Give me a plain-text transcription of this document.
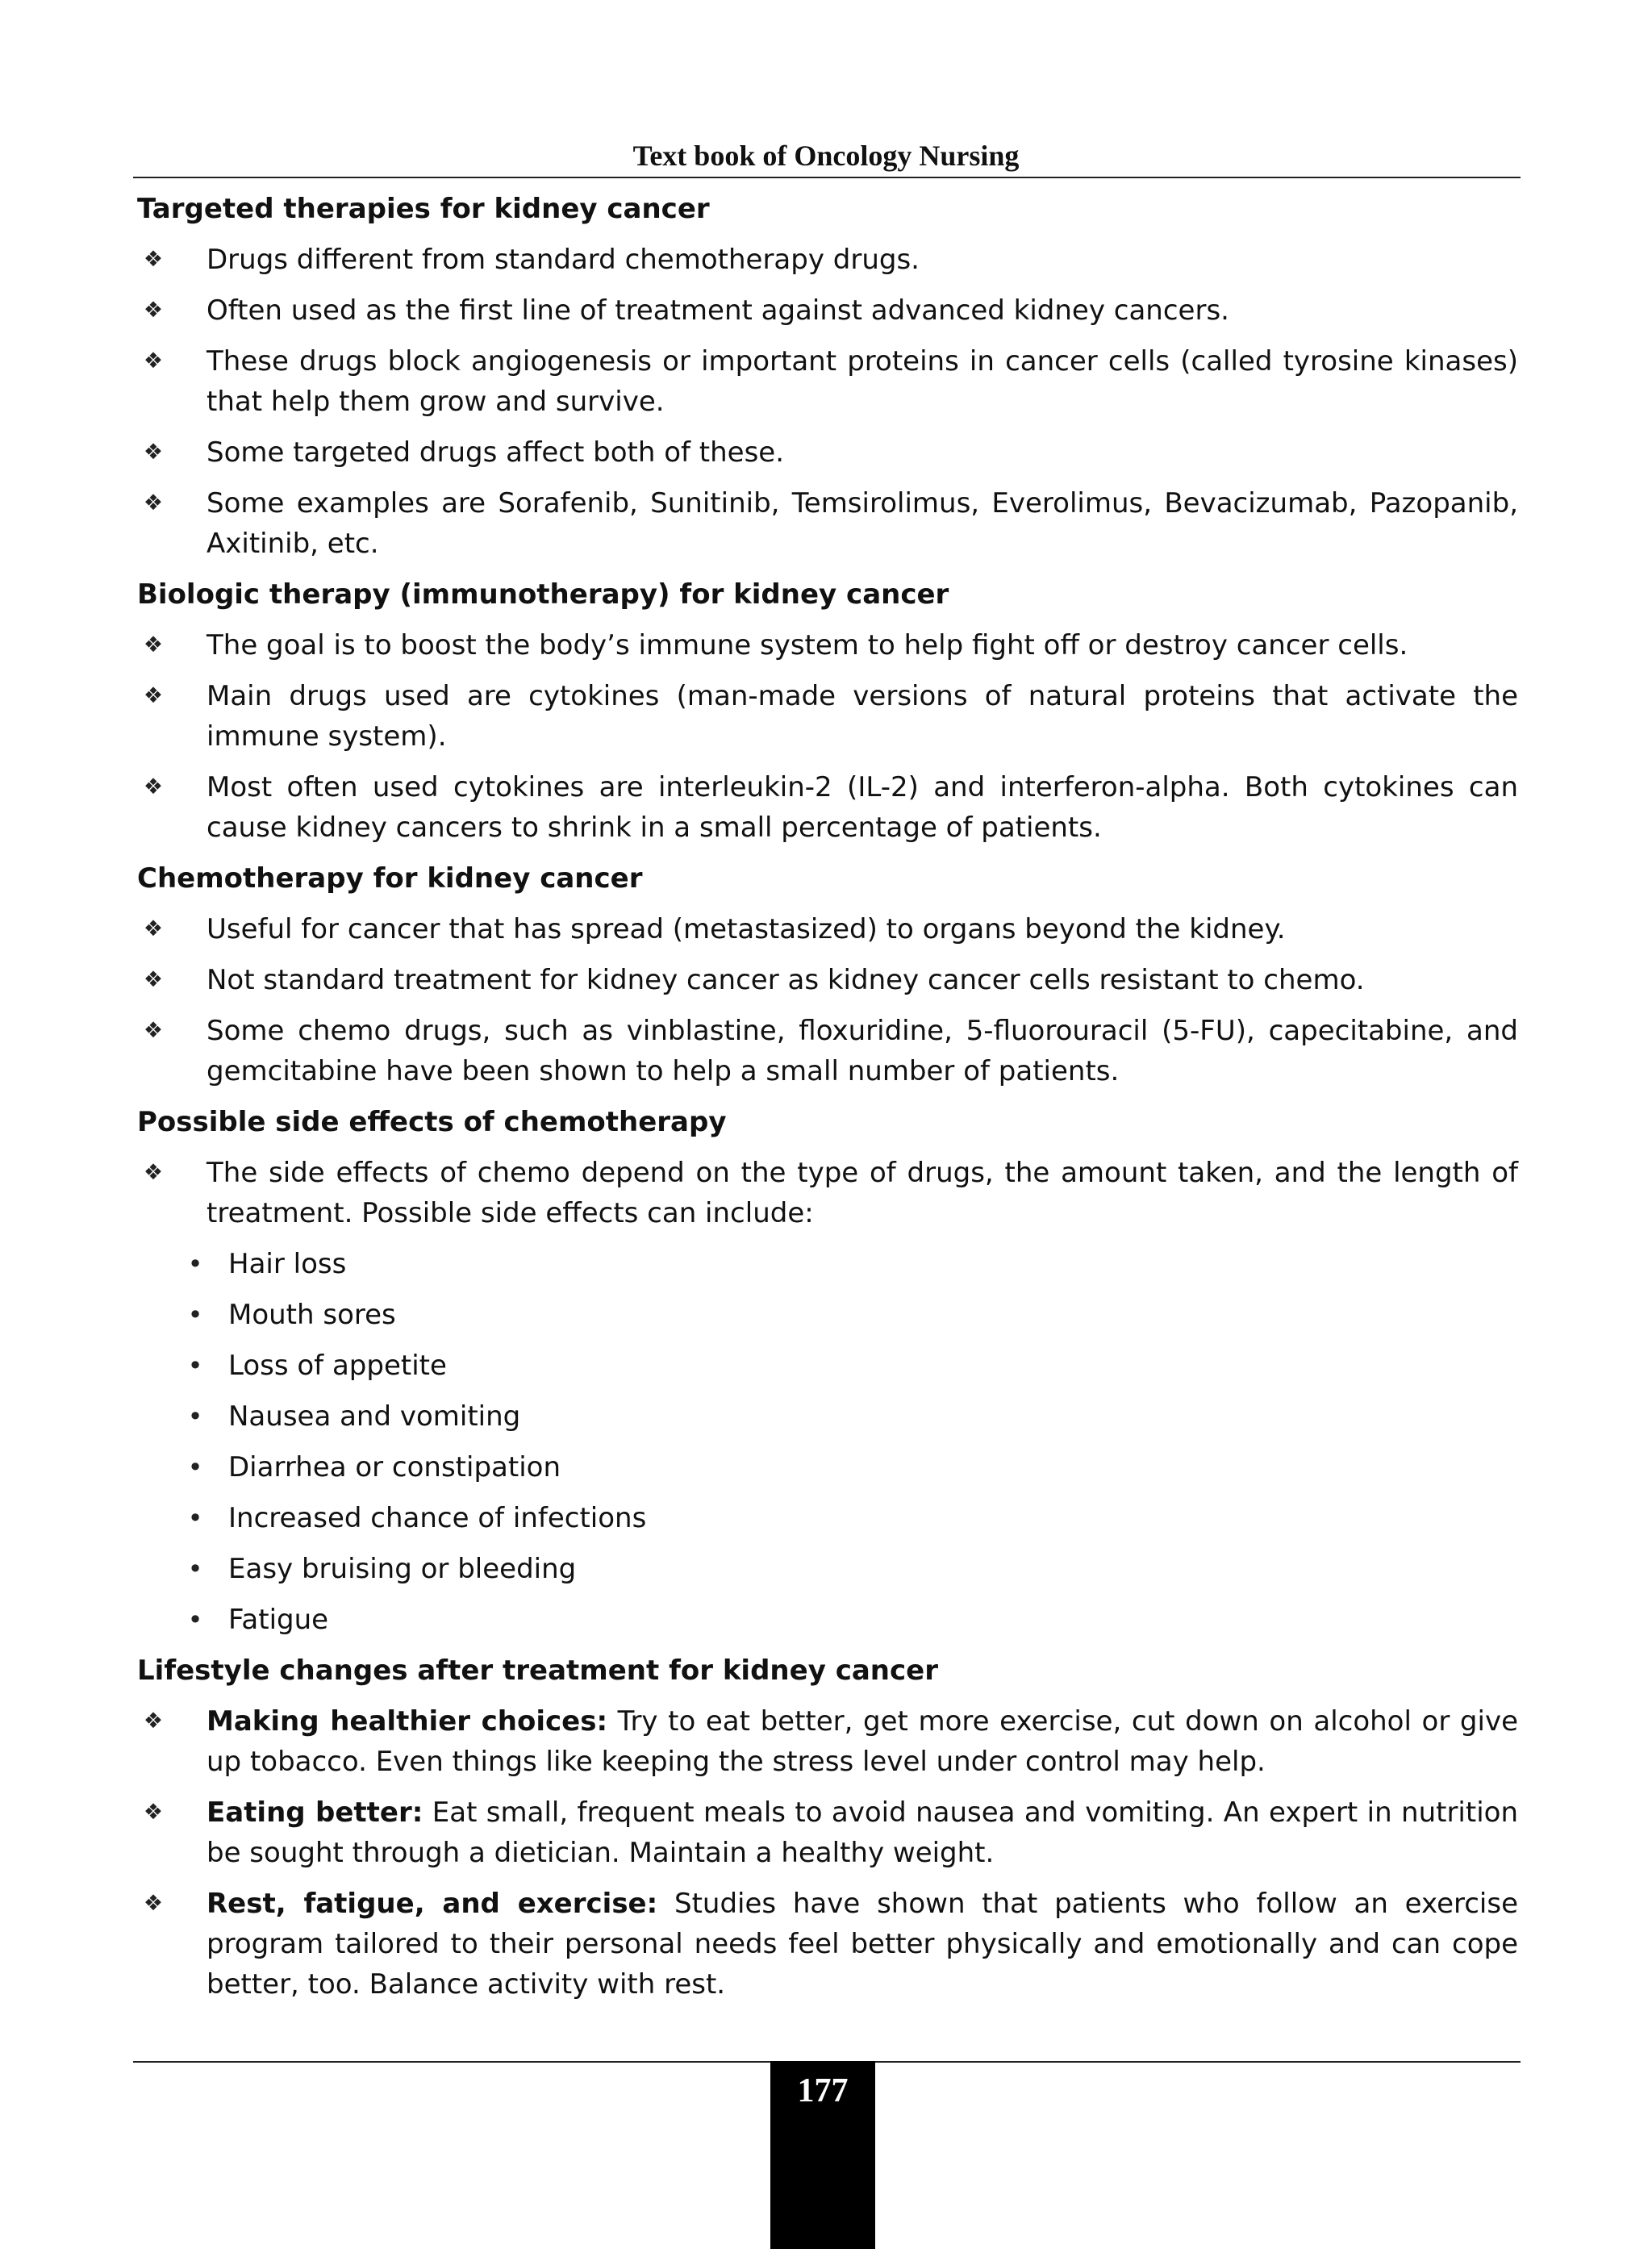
Text book of Oncology Nursing
Targeted therapies for kidney cancer
❖ Drugs different from standard chemotherapy drugs.
❖ Often used as the first line of treatment against advanced kidney cancers.
❖ These drugs block angiogenesis or important proteins in cancer cells (called tyrosine kinases) that help them grow and survive.
❖ Some targeted drugs affect both of these.
❖ Some examples are Sorafenib, Sunitinib, Temsirolimus, Everolimus, Bevacizumab, Pazopanib, Axitinib, etc.
Biologic therapy (immunotherapy) for kidney cancer
❖ The goal is to boost the body’s immune system to help fight off or destroy cancer cells.
❖ Main drugs used are cytokines (man-made versions of natural proteins that activate the immune system).
❖ Most often used cytokines are interleukin-2 (IL-2) and interferon-alpha. Both cytokines can cause kidney cancers to shrink in a small percentage of patients.
Chemotherapy for kidney cancer
❖ Useful for cancer that has spread (metastasized) to organs beyond the kidney.
❖ Not standard treatment for kidney cancer as kidney cancer cells resistant to chemo.
❖ Some chemo drugs, such as vinblastine, floxuridine, 5-fluorouracil (5-FU), capecitabine, and gemcitabine have been shown to help a small number of patients.
Possible side effects of chemotherapy
❖ The side effects of chemo depend on the type of drugs, the amount taken, and the length of treatment. Possible side effects can include:
• Hair loss
• Mouth sores
• Loss of appetite
• Nausea and vomiting
• Diarrhea or constipation
• Increased chance of infections
• Easy bruising or bleeding
• Fatigue
Lifestyle changes after treatment for kidney cancer
❖ Making healthier choices: Try to eat better, get more exercise, cut down on alcohol or give up tobacco. Even things like keeping the stress level under control may help.
❖ Eating better: Eat small, frequent meals to avoid nausea and vomiting. An expert in nutrition be sought through a dietician. Maintain a healthy weight.
❖ Rest, fatigue, and exercise: Studies have shown that patients who follow an exercise program tailored to their personal needs feel better physically and emotionally and can cope better, too. Balance activity with rest.
177
